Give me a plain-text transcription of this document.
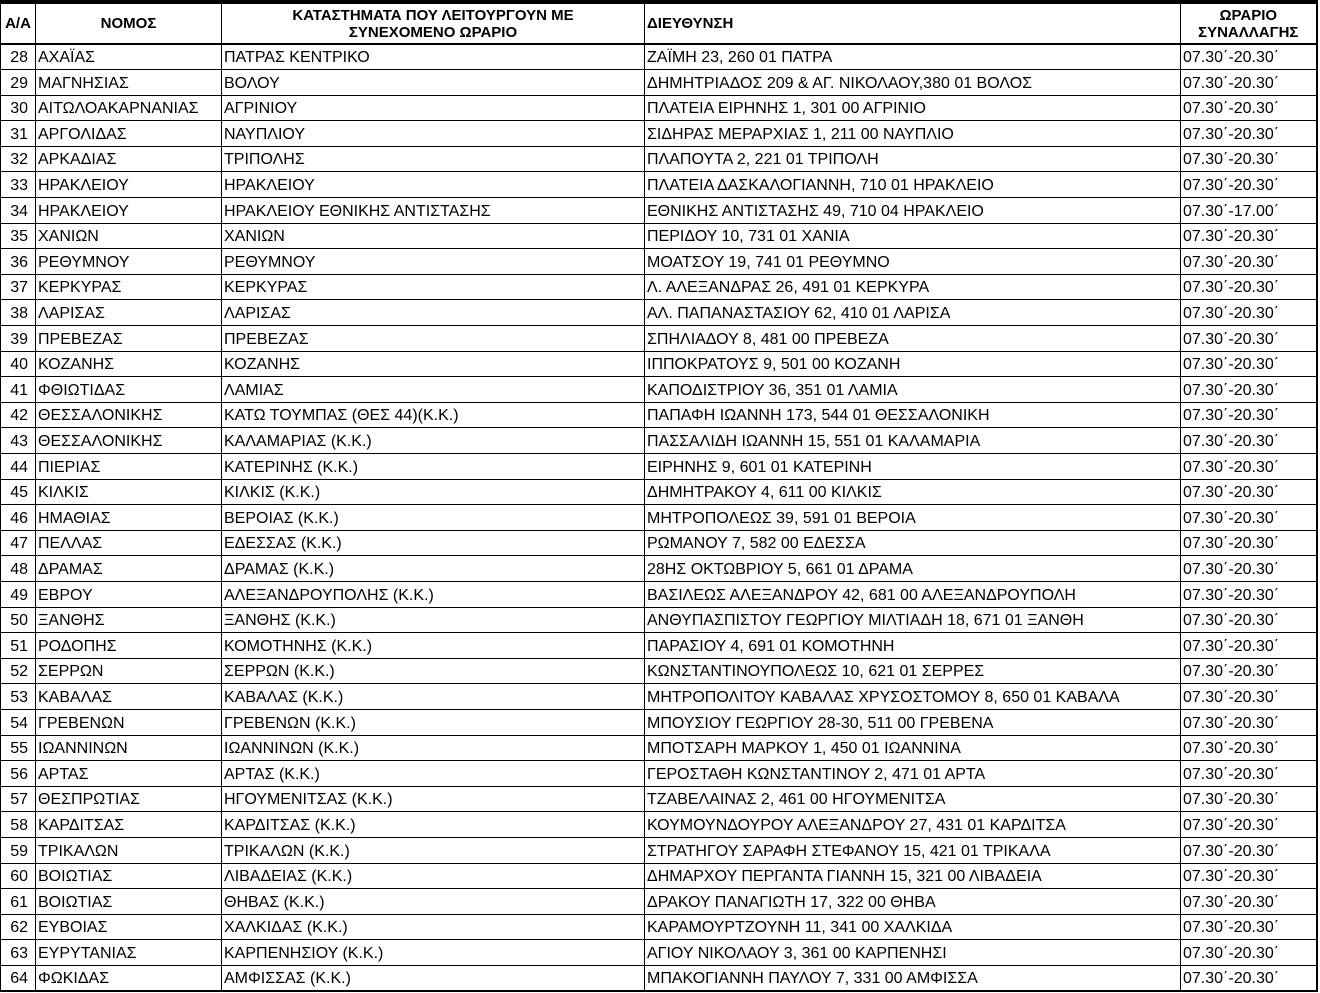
Α/Α	ΝΟΜΟΣ	ΚΑΤΑΣΤΗΜΑΤΑ ΠΟΥ ΛΕΙΤΟΥΡΓΟΥΝ ΜΕ ΣΥΝΕΧΟΜΕΝΟ ΩΡΑΡΙΟ	ΔΙΕΥΘΥΝΣΗ	ΩΡΑΡΙΟ ΣΥΝΑΛΛΑΓΗΣ
28	ΑΧΑΪΑΣ	ΠΑΤΡΑΣ ΚΕΝΤΡΙΚΟ	ΖΑΪΜΗ 23, 260 01 ΠΑΤΡΑ	07.30΄-20.30΄
29	ΜΑΓΝΗΣΙΑΣ	ΒΟΛΟΥ	ΔΗΜΗΤΡΙΑΔΟΣ 209 & ΑΓ. ΝΙΚΟΛΑΟΥ,380 01 ΒΟΛΟΣ	07.30΄-20.30΄
30	ΑΙΤΩΛΟΑΚΑΡΝΑΝΙΑΣ	ΑΓΡΙΝΙΟΥ	ΠΛΑΤΕΙΑ ΕΙΡΗΝΗΣ 1, 301 00 ΑΓΡΙΝΙΟ	07.30΄-20.30΄
31	ΑΡΓΟΛΙΔΑΣ	ΝΑΥΠΛΙΟΥ	ΣΙΔΗΡΑΣ ΜΕΡΑΡΧΙΑΣ 1, 211 00 ΝΑΥΠΛΙΟ	07.30΄-20.30΄
32	ΑΡΚΑΔΙΑΣ	ΤΡΙΠΟΛΗΣ	ΠΛΑΠΟΥΤΑ 2, 221 01 ΤΡΙΠΟΛΗ	07.30΄-20.30΄
33	ΗΡΑΚΛΕΙΟΥ	ΗΡΑΚΛΕΙΟΥ	ΠΛΑΤΕΙΑ ΔΑΣΚΑΛΟΓΙΑΝΝΗ, 710 01 ΗΡΑΚΛΕΙΟ	07.30΄-20.30΄
34	ΗΡΑΚΛΕΙΟΥ	ΗΡΑΚΛΕΙΟΥ ΕΘΝΙΚΗΣ ΑΝΤΙΣΤΑΣΗΣ	ΕΘΝΙΚΗΣ ΑΝΤΙΣΤΑΣΗΣ 49, 710 04 ΗΡΑΚΛΕΙΟ	07.30΄-17.00΄
35	ΧΑΝΙΩΝ	ΧΑΝΙΩΝ	ΠΕΡΙΔΟΥ 10, 731 01 ΧΑΝΙΑ	07.30΄-20.30΄
36	ΡΕΘΥΜΝΟΥ	ΡΕΘΥΜΝΟΥ	ΜΟΑΤΣΟΥ 19, 741 01 ΡΕΘΥΜΝΟ	07.30΄-20.30΄
37	ΚΕΡΚΥΡΑΣ	ΚΕΡΚΥΡΑΣ	Λ. ΑΛΕΞΑΝΔΡΑΣ 26, 491 01 ΚΕΡΚΥΡΑ	07.30΄-20.30΄
38	ΛΑΡΙΣΑΣ	ΛΑΡΙΣΑΣ	ΑΛ. ΠΑΠΑΝΑΣΤΑΣΙΟΥ 62, 410 01 ΛΑΡΙΣΑ	07.30΄-20.30΄
39	ΠΡΕΒΕΖΑΣ	ΠΡΕΒΕΖΑΣ	ΣΠΗΛΙΑΔΟΥ 8, 481 00 ΠΡΕΒΕΖΑ	07.30΄-20.30΄
40	ΚΟΖΑΝΗΣ	ΚΟΖΑΝΗΣ	ΙΠΠΟΚΡΑΤΟΥΣ 9, 501 00 ΚΟΖΑΝΗ	07.30΄-20.30΄
41	ΦΘΙΩΤΙΔΑΣ	ΛΑΜΙΑΣ	ΚΑΠΟΔΙΣΤΡΙΟΥ 36, 351 01 ΛΑΜΙΑ	07.30΄-20.30΄
42	ΘΕΣΣΑΛΟΝΙΚΗΣ	ΚΑΤΩ ΤΟΥΜΠΑΣ (ΘΕΣ 44)(Κ.Κ.)	ΠΑΠΑΦΗ ΙΩΑΝΝΗ 173, 544 01 ΘΕΣΣΑΛΟΝΙΚΗ	07.30΄-20.30΄
43	ΘΕΣΣΑΛΟΝΙΚΗΣ	ΚΑΛΑΜΑΡΙΑΣ (Κ.Κ.)	ΠΑΣΣΑΛΙΔΗ ΙΩΑΝΝΗ 15, 551 01 ΚΑΛΑΜΑΡΙΑ	07.30΄-20.30΄
44	ΠΙΕΡΙΑΣ	ΚΑΤΕΡΙΝΗΣ (Κ.Κ.)	ΕΙΡΗΝΗΣ 9, 601 01 ΚΑΤΕΡΙΝΗ	07.30΄-20.30΄
45	ΚΙΛΚΙΣ	ΚΙΛΚΙΣ (Κ.Κ.)	ΔΗΜΗΤΡΑΚΟΥ 4, 611 00 ΚΙΛΚΙΣ	07.30΄-20.30΄
46	ΗΜΑΘΙΑΣ	ΒΕΡΟΙΑΣ (Κ.Κ.)	ΜΗΤΡΟΠΟΛΕΩΣ 39, 591 01 ΒΕΡΟΙΑ	07.30΄-20.30΄
47	ΠΕΛΛΑΣ	ΕΔΕΣΣΑΣ (Κ.Κ.)	ΡΩΜΑΝΟΥ 7, 582 00 ΕΔΕΣΣΑ	07.30΄-20.30΄
48	ΔΡΑΜΑΣ	ΔΡΑΜΑΣ (Κ.Κ.)	28ΗΣ ΟΚΤΩΒΡΙΟΥ 5, 661 01 ΔΡΑΜΑ	07.30΄-20.30΄
49	ΕΒΡΟΥ	ΑΛΕΞΑΝΔΡΟΥΠΟΛΗΣ (Κ.Κ.)	ΒΑΣΙΛΕΩΣ ΑΛΕΞΑΝΔΡΟΥ 42, 681 00 ΑΛΕΞΑΝΔΡΟΥΠΟΛΗ	07.30΄-20.30΄
50	ΞΑΝΘΗΣ	ΞΑΝΘΗΣ (Κ.Κ.)	ΑΝΘΥΠΑΣΠΙΣΤΟΥ ΓΕΩΡΓΙΟΥ ΜΙΛΤΙΑΔΗ 18, 671 01 ΞΑΝΘΗ	07.30΄-20.30΄
51	ΡΟΔΟΠΗΣ	ΚΟΜΟΤΗΝΗΣ (Κ.Κ.)	ΠΑΡΑΣΙΟΥ 4, 691 01 ΚΟΜΟΤΗΝΗ	07.30΄-20.30΄
52	ΣΕΡΡΩΝ	ΣΕΡΡΩΝ (Κ.Κ.)	ΚΩΝΣΤΑΝΤΙΝΟΥΠΟΛΕΩΣ 10, 621 01 ΣΕΡΡΕΣ	07.30΄-20.30΄
53	ΚΑΒΑΛΑΣ	ΚΑΒΑΛΑΣ (Κ.Κ.)	ΜΗΤΡΟΠΟΛΙΤΟΥ ΚΑΒΑΛΑΣ ΧΡΥΣΟΣΤΟΜΟΥ 8, 650 01 ΚΑΒΑΛΑ	07.30΄-20.30΄
54	ΓΡΕΒΕΝΩΝ	ΓΡΕΒΕΝΩΝ (Κ.Κ.)	ΜΠΟΥΣΙΟΥ ΓΕΩΡΓΙΟΥ 28-30, 511 00 ΓΡΕΒΕΝΑ	07.30΄-20.30΄
55	ΙΩΑΝΝΙΝΩΝ	ΙΩΑΝΝΙΝΩΝ (Κ.Κ.)	ΜΠΟΤΣΑΡΗ ΜΑΡΚΟΥ 1, 450 01 ΙΩΑΝΝΙΝΑ	07.30΄-20.30΄
56	ΑΡΤΑΣ	ΑΡΤΑΣ (Κ.Κ.)	ΓΕΡΟΣΤΑΘΗ ΚΩΝΣΤΑΝΤΙΝΟΥ 2, 471 01 ΑΡΤΑ	07.30΄-20.30΄
57	ΘΕΣΠΡΩΤΙΑΣ	ΗΓΟΥΜΕΝΙΤΣΑΣ (Κ.Κ.)	ΤΖΑΒΕΛΑΙΝΑΣ 2, 461 00 ΗΓΟΥΜΕΝΙΤΣΑ	07.30΄-20.30΄
58	ΚΑΡΔΙΤΣΑΣ	ΚΑΡΔΙΤΣΑΣ (Κ.Κ.)	ΚΟΥΜΟΥΝΔΟΥΡΟΥ ΑΛΕΞΑΝΔΡΟΥ 27, 431 01 ΚΑΡΔΙΤΣΑ	07.30΄-20.30΄
59	ΤΡΙΚΑΛΩΝ	ΤΡΙΚΑΛΩΝ (Κ.Κ.)	ΣΤΡΑΤΗΓΟΥ ΣΑΡΑΦΗ ΣΤΕΦΑΝΟΥ 15, 421 01 ΤΡΙΚΑΛΑ	07.30΄-20.30΄
60	ΒΟΙΩΤΙΑΣ	ΛΙΒΑΔΕΙΑΣ (Κ.Κ.)	ΔΗΜΑΡΧΟΥ ΠΕΡΓΑΝΤΑ ΓΙΑΝΝΗ 15, 321 00 ΛΙΒΑΔΕΙΑ	07.30΄-20.30΄
61	ΒΟΙΩΤΙΑΣ	ΘΗΒΑΣ (Κ.Κ.)	ΔΡΑΚΟΥ ΠΑΝΑΓΙΩΤΗ 17, 322 00 ΘΗΒΑ	07.30΄-20.30΄
62	ΕΥΒΟΙΑΣ	ΧΑΛΚΙΔΑΣ (Κ.Κ.)	ΚΑΡΑΜΟΥΡΤΖΟΥΝΗ 11, 341 00 ΧΑΛΚΙΔΑ	07.30΄-20.30΄
63	ΕΥΡΥΤΑΝΙΑΣ	ΚΑΡΠΕΝΗΣΙΟΥ (Κ.Κ.)	ΑΓΙΟΥ ΝΙΚΟΛΑΟΥ 3, 361 00 ΚΑΡΠΕΝΗΣΙ	07.30΄-20.30΄
64	ΦΩΚΙΔΑΣ	ΑΜΦΙΣΣΑΣ (Κ.Κ.)	ΜΠΑΚΟΓΙΑΝΝΗ ΠΑΥΛΟΥ 7, 331 00 ΑΜΦΙΣΣΑ	07.30΄-20.30΄
